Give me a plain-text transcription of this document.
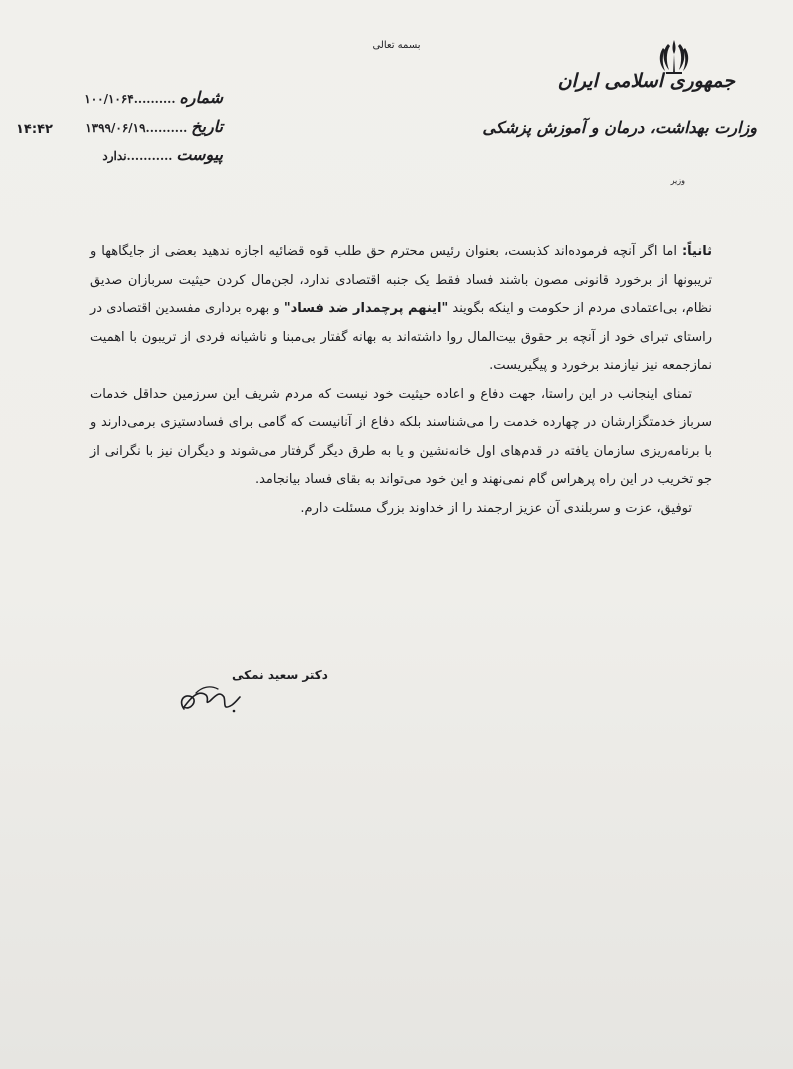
بسمه تعالی
جمهوری اسلامی ایران
وزارت بهداشت، درمان و آموزش پزشکی
وزیر
شماره ..........۱۰۰/۱۰۶۴
تاریخ ..........۱۳۹۹/۰۶/۱۹
پیوست ...........ندارد
۱۴:۴۲

ثانیاً: اما اگر آنچه فرموده‌اند کذبست، بعنوان رئیس محترم حق طلب قوه قضائیه اجازه ندهید بعضی از جایگاهها و تریبونها از برخورد قانونی مصون باشند فساد فقط یک جنبه اقتصادی ندارد، لجن‌مال کردن حیثیت سربازان صدیق نظام، بی‌اعتمادی مردم از حکومت و اینکه بگویند "اینهم پرچمدار ضد فساد" و بهره برداری مفسدین اقتصادی در راستای تبرای خود از آنچه بر حقوق بیت‌المال روا داشته‌اند به بهانه گفتار بی‌مبنا و ناشیانه فردی از تریبون با اهمیت نمازجمعه نیز نیازمند برخورد و پیگیریست.

تمنای اینجانب در این راستا، جهت دفاع و اعاده حیثیت خود نیست که مردم شریف این سرزمین حداقل خدمات سرباز خدمتگزارشان در چهارده خدمت را می‌شناسند بلکه دفاع از آنانیست که گامی برای فسادستیزی برمی‌دارند و با برنامه‌ریزی سازمان یافته در قدم‌های اول خانه‌نشین و یا به طرق دیگر گرفتار می‌شوند و دیگران نیز با نگرانی از جو تخریب در این راه پرهراس گام نمی‌نهند و این خود می‌تواند به بقای فساد بیانجامد.

توفیق، عزت و سربلندی آن عزیز ارجمند را از خداوند بزرگ مسئلت دارم.

دکتر سعید نمکی
